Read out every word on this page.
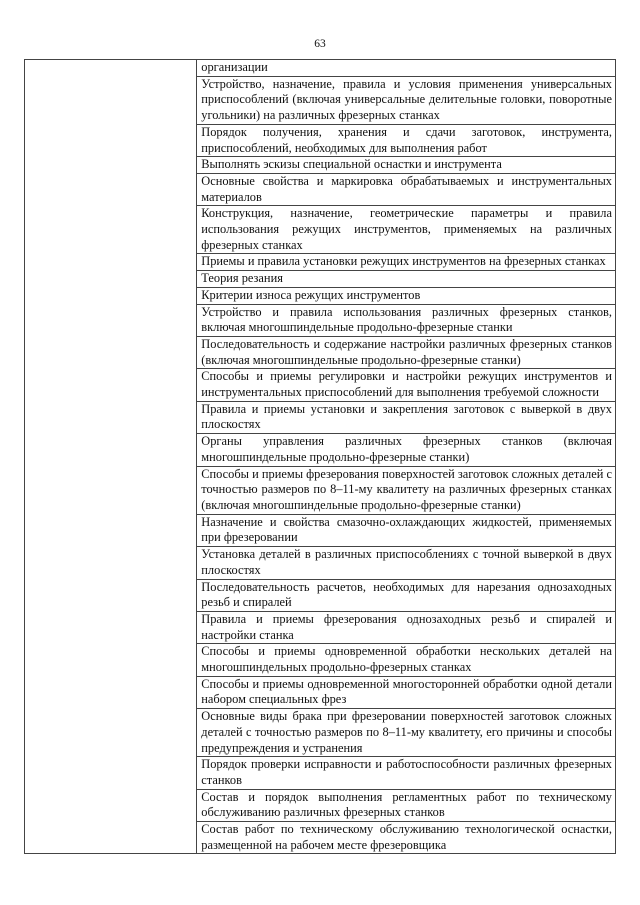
63
	организации
Устройство, назначение, правила и условия применения универсальных приспособлений (включая универсальные делительные головки, поворотные угольники) на различных фрезерных станках
Порядок получения, хранения и сдачи заготовок, инструмента, приспособлений, необходимых для выполнения работ
Выполнять эскизы специальной оснастки и инструмента
Основные свойства и маркировка обрабатываемых и инструментальных материалов
Конструкция, назначение, геометрические параметры и правила использования режущих инструментов, применяемых на различных фрезерных станках
Приемы и правила установки режущих инструментов на фрезерных станках
Теория резания
Критерии износа режущих инструментов
Устройство и правила использования различных фрезерных станков, включая многошпиндельные продольно-фрезерные станки
Последовательность и содержание настройки различных фрезерных станков (включая многошпиндельные продольно-фрезерные станки)
Способы и приемы регулировки и настройки режущих инструментов и инструментальных приспособлений для выполнения требуемой сложности
Правила и приемы установки и закрепления заготовок с выверкой в двух плоскостях
Органы управления различных фрезерных станков (включая многошпиндельные продольно-фрезерные станки)
Способы и приемы фрезерования поверхностей заготовок сложных деталей с точностью размеров по 8–11-му квалитету на различных фрезерных станках (включая многошпиндельные продольно-фрезерные станки)
Назначение и свойства смазочно-охлаждающих жидкостей, применяемых при фрезеровании
Установка деталей в различных приспособлениях с точной выверкой в двух плоскостях
Последовательность расчетов, необходимых для нарезания однозаходных резьб и спиралей
Правила и приемы фрезерования однозаходных резьб и спиралей и настройки станка
Способы и приемы одновременной обработки нескольких деталей на многошпиндельных продольно-фрезерных станках
Способы и приемы одновременной многосторонней обработки одной детали набором специальных фрез
Основные виды брака при фрезеровании поверхностей заготовок сложных деталей с точностью размеров по 8–11-му квалитету, его причины и способы предупреждения и устранения
Порядок проверки исправности и работоспособности различных фрезерных станков
Состав и порядок выполнения регламентных работ по техническому обслуживанию различных фрезерных станков
Состав работ по техническому обслуживанию технологической оснастки, размещенной на рабочем месте фрезеровщика
